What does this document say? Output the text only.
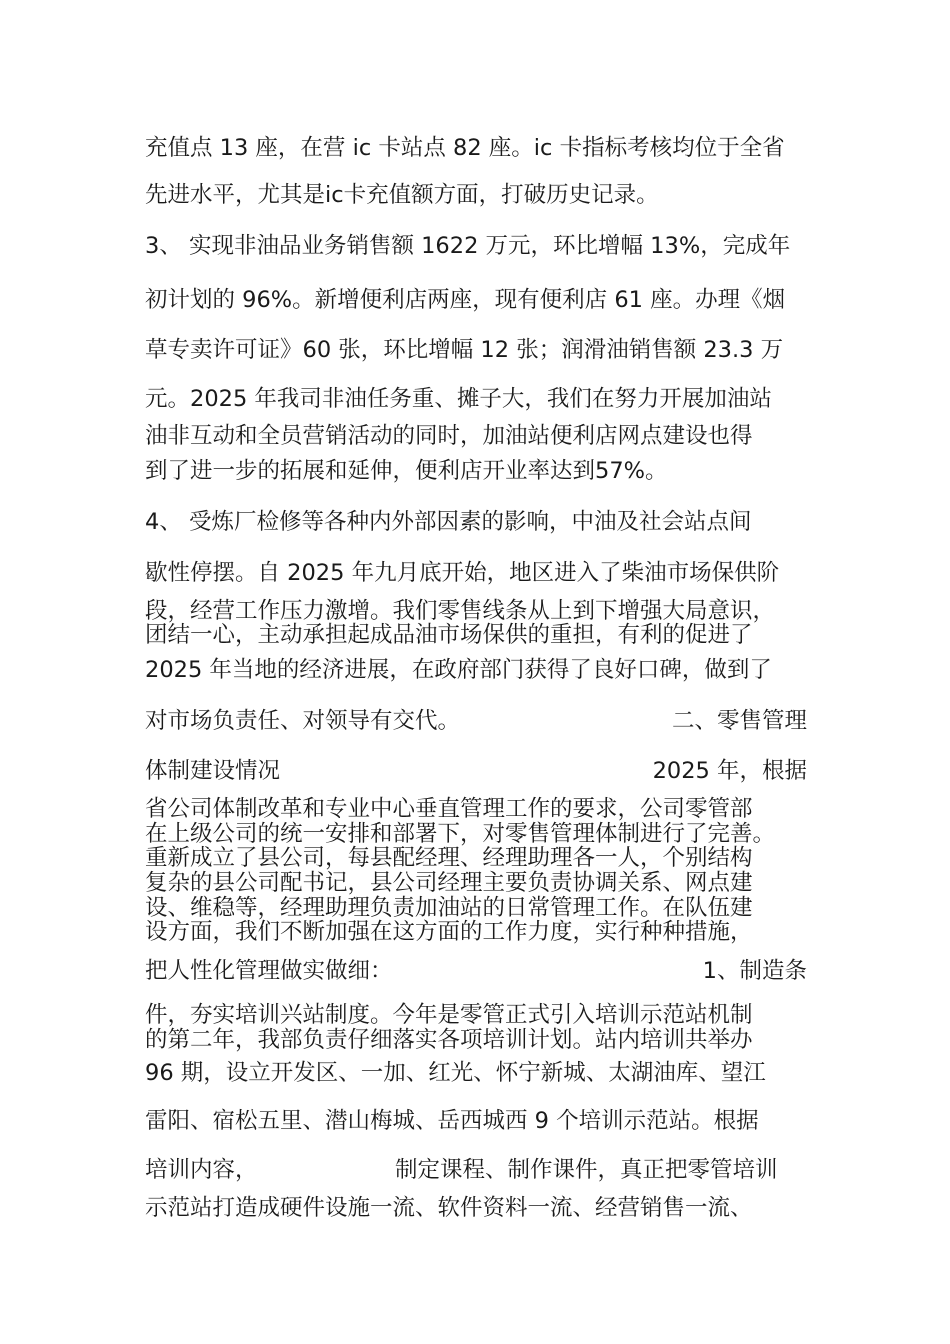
充值点 13 座，在营 ic 卡站点 82 座。ic 卡指标考核均位于全省
先进水平，尤其是ic卡充值额方面，打破历史记录。
3、 实现非油品业务销售额 1622 万元，环比增幅 13%，完成年
初计划的 96%。新增便利店两座，现有便利店 61 座。办理《烟
草专卖许可证》60 张，环比增幅 12 张；润滑油销售额 23.3 万
元。2025 年我司非油任务重、摊子大，我们在努力开展加油站
油非互动和全员营销活动的同时，加油站便利店网点建设也得
到了进一步的拓展和延伸，便利店开业率达到57%。
4、 受炼厂检修等各种内外部因素的影响，中油及社会站点间
歇性停摆。自 2025 年九月底开始，地区进入了柴油市场保供阶
段，经营工作压力激增。我们零售线条从上到下增强大局意识，
团结一心，主动承担起成品油市场保供的重担，有利的促进了
2025 年当地的经济进展，在政府部门获得了良好口碑，做到了
对市场负责任、对领导有交代。	二、零售管理
体制建设情况	2025 年，根据
省公司体制改革和专业中心垂直管理工作的要求，公司零管部
在上级公司的统一安排和部署下，对零售管理体制进行了完善。
重新成立了县公司，每县配经理、经理助理各一人，个别结构
复杂的县公司配书记，县公司经理主要负责协调关系、网点建
设、维稳等，经理助理负责加油站的日常管理工作。在队伍建
设方面，我们不断加强在这方面的工作力度，实行种种措施，
把人性化管理做实做细：	1、制造条
件，夯实培训兴站制度。今年是零管正式引入培训示范站机制
的第二年，我部负责仔细落实各项培训计划。站内培训共举办
96 期，设立开发区、一加、红光、怀宁新城、太湖油库、望江
雷阳、宿松五里、潜山梅城、岳西城西 9 个培训示范站。根据
培训内容，	制定课程、制作课件，真正把零管培训
示范站打造成硬件设施一流、软件资料一流、经营销售一流、
